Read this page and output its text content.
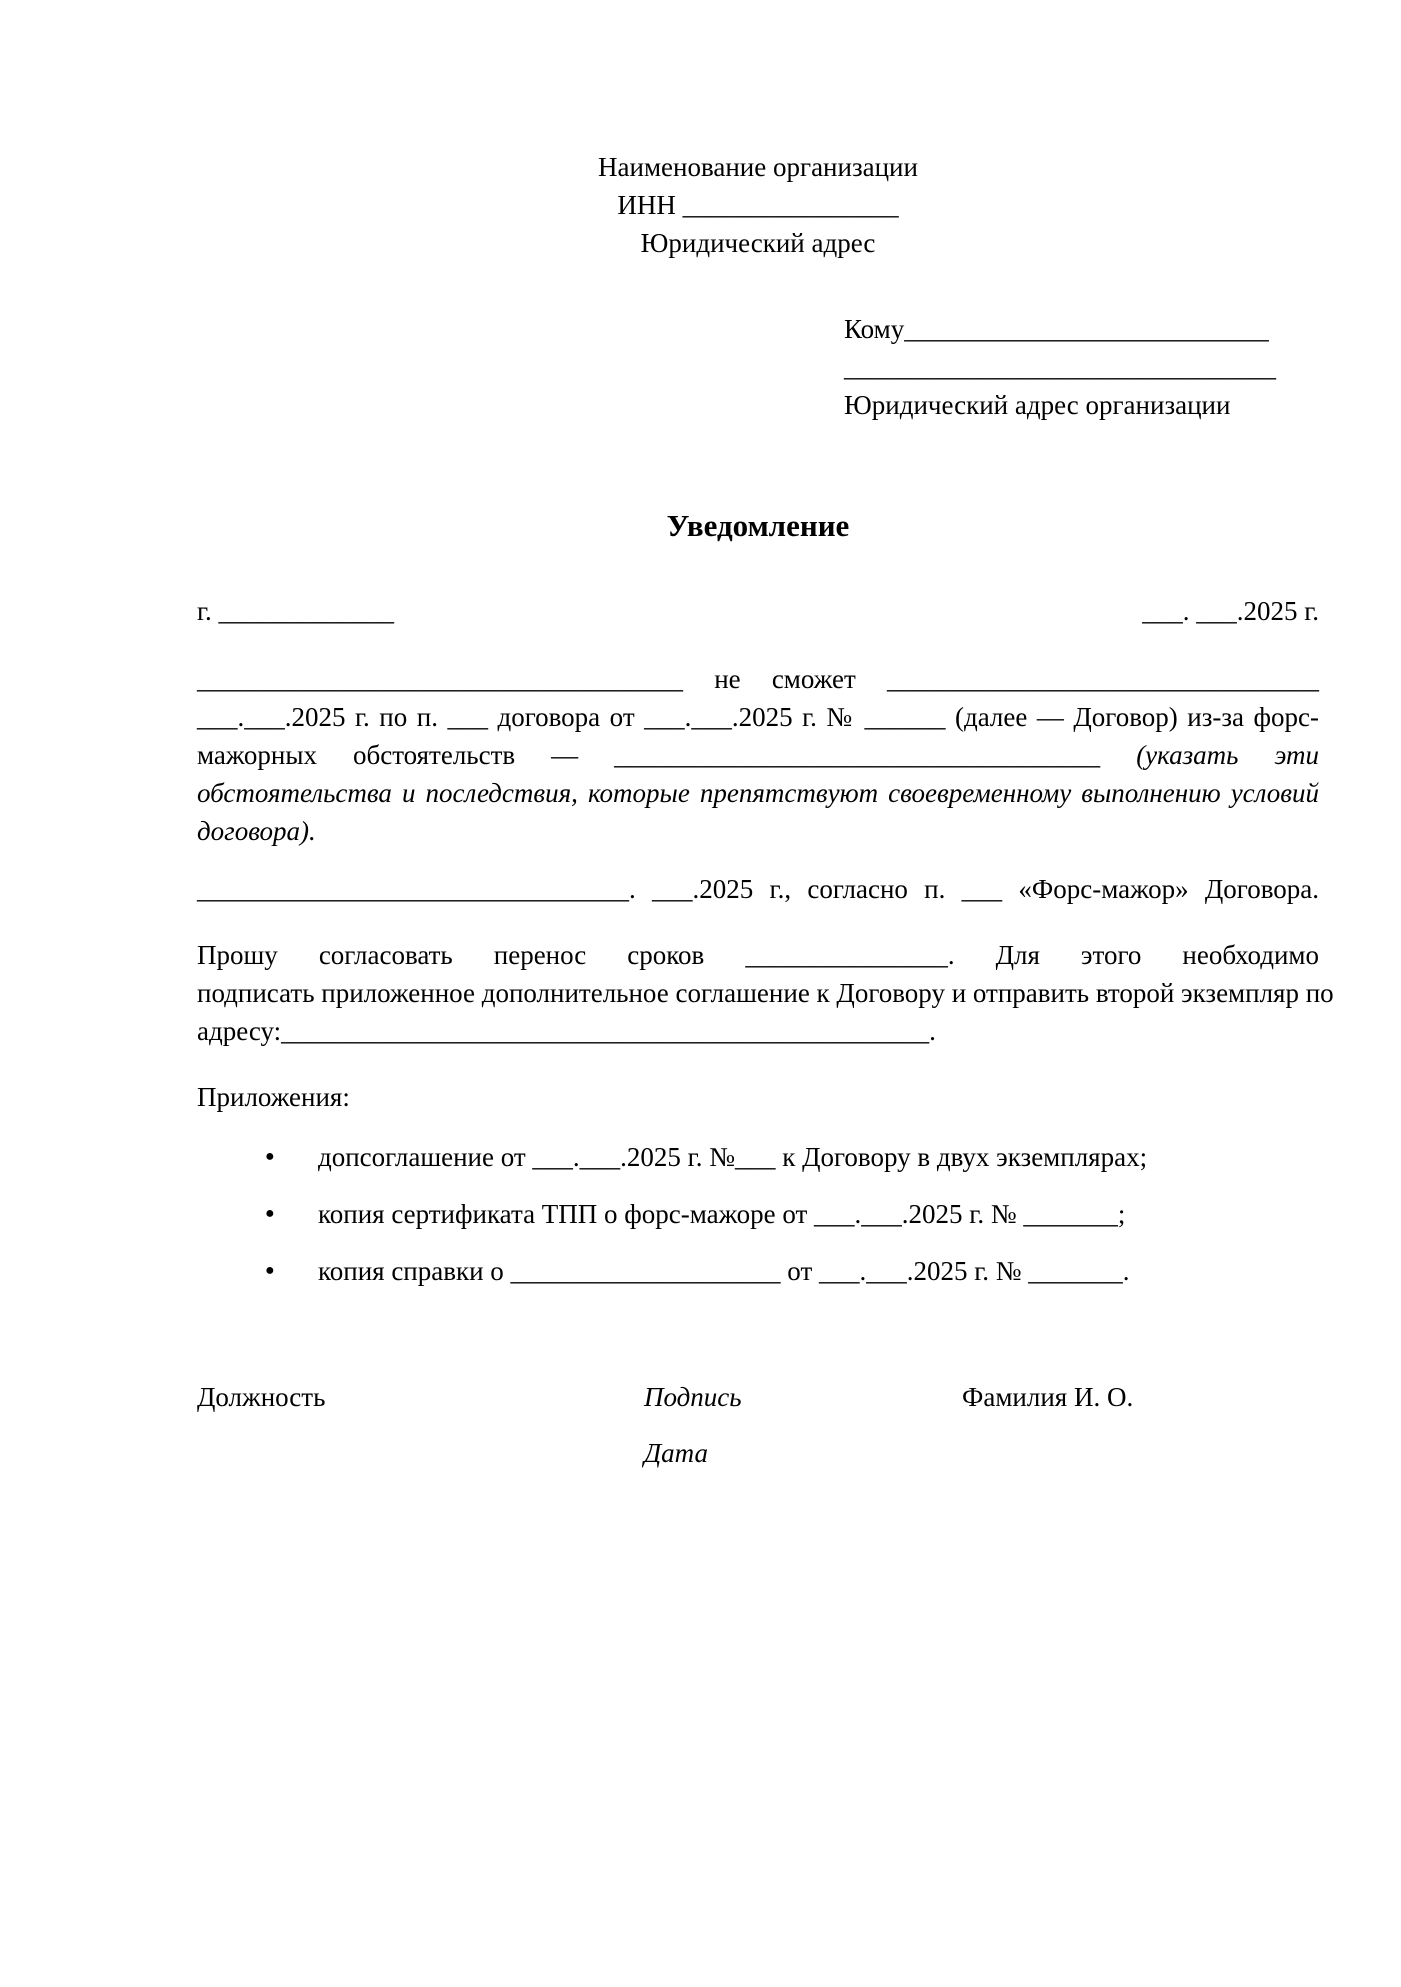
Наименование организации
ИНН ________________
Юридический адрес
Кому___________________________
________________________________
Юридический адрес организации
Уведомление
г. _____________	___. ___.2025 г.
____________________________________ не сможет ________________________________
___.___.2025 г. по п. ___ договора от ___.___.2025 г. № ______ (далее — Договор) из-за форс-
мажорных обстоятельств — ____________________________________ (указать эти
обстоятельства и последствия, которые препятствуют своевременному выполнению условий
договора).
________________________________. ___.2025 г., согласно п. ___ «Форс-мажор» Договора.
Прошу согласовать перенос сроков _______________. Для этого необходимо
подписать приложенное дополнительное соглашение к Договору и отправить второй экземпляр по
адресу:________________________________________________.
Приложения:
●	допсоглашение от ___.___.2025 г. №___ к Договору в двух экземплярах;
●	копия сертификата ТПП о форс-мажоре от ___.___.2025 г. № _______;
●	копия справки о ____________________ от ___.___.2025 г. № _______.
Должность	Подпись	Фамилия И. О.
Дата
